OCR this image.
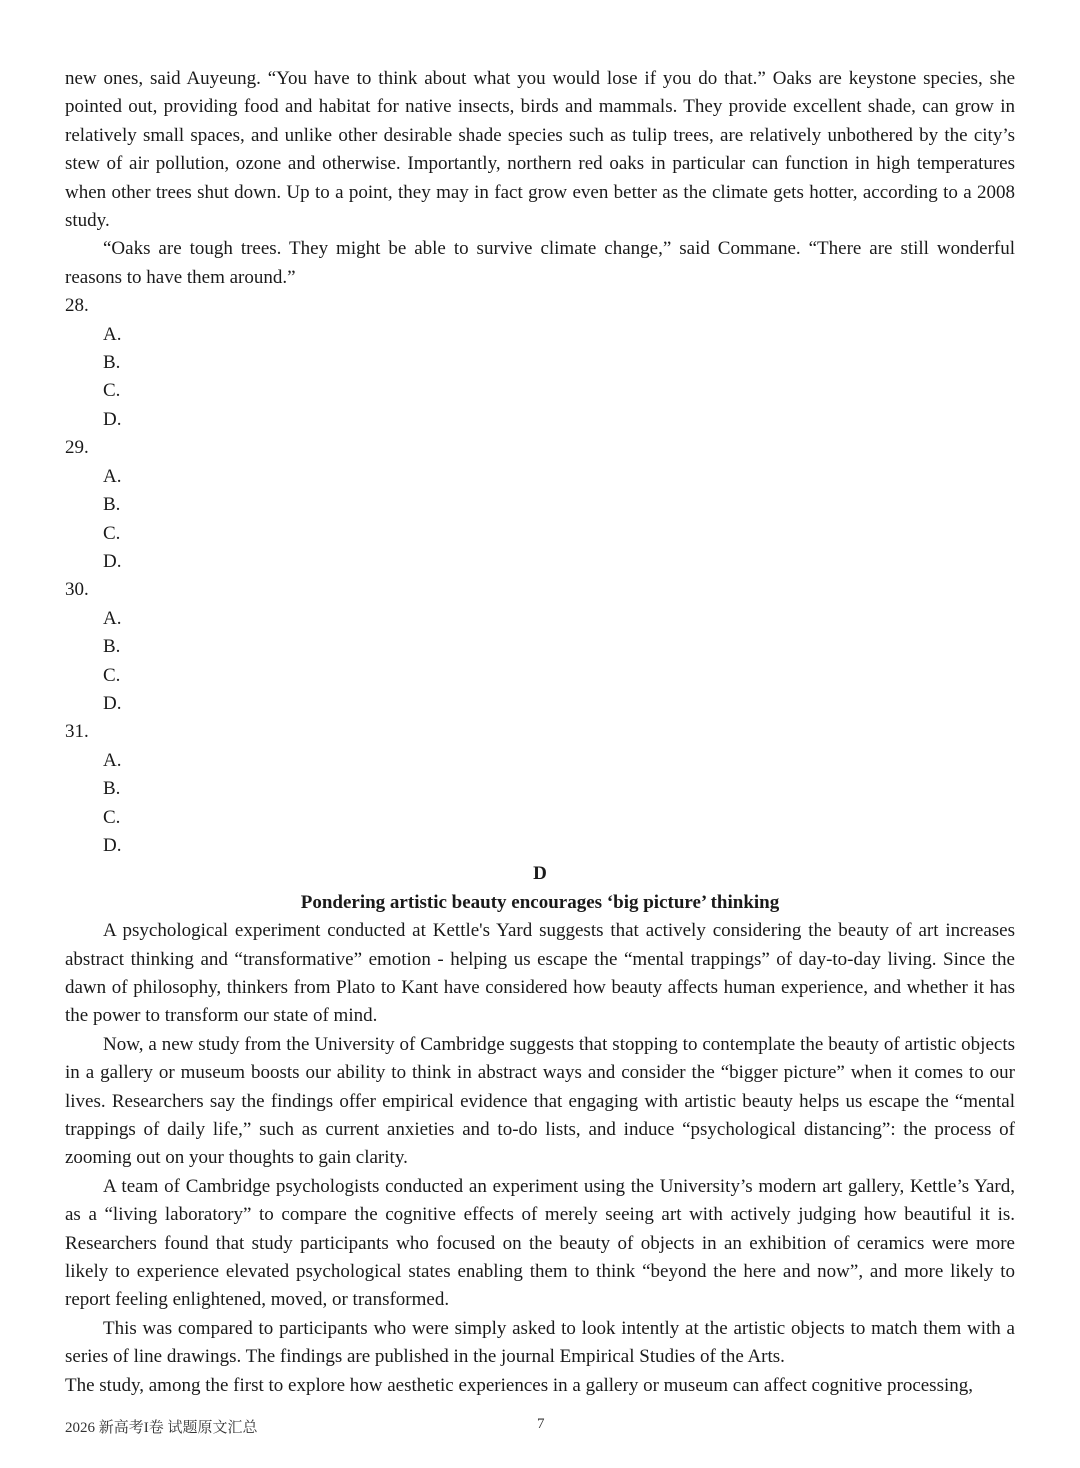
new ones, said Auyeung. “You have to think about what you would lose if you do that.” Oaks are keystone species, she pointed out, providing food and habitat for native insects, birds and mammals. They provide excellent shade, can grow in relatively small spaces, and unlike other desirable shade species such as tulip trees, are relatively unbothered by the city’s stew of air pollution, ozone and otherwise. Importantly, northern red oaks in particular can function in high temperatures when other trees shut down. Up to a point, they may in fact grow even better as the climate gets hotter, according to a 2008 study.

“Oaks are tough trees. They might be able to survive climate change,” said Commane. “There are still wonderful reasons to have them around.”

28.

A.

B.

C.

D.

29.

A.

B.

C.

D.

30.

A.

B.

C.

D.

31.

A.

B.

C.

D.

D

Pondering artistic beauty encourages ‘big picture’ thinking

A psychological experiment conducted at Kettle's Yard suggests that actively considering the beauty of art increases abstract thinking and “transformative” emotion - helping us escape the “mental trappings” of day-to-day living. Since the dawn of philosophy, thinkers from Plato to Kant have considered how beauty affects human experience, and whether it has the power to transform our state of mind.

Now, a new study from the University of Cambridge suggests that stopping to contemplate the beauty of artistic objects in a gallery or museum boosts our ability to think in abstract ways and consider the “bigger picture” when it comes to our lives. Researchers say the findings offer empirical evidence that engaging with artistic beauty helps us escape the “mental trappings of daily life,” such as current anxieties and to-do lists, and induce “psychological distancing”: the process of zooming out on your thoughts to gain clarity.

A team of Cambridge psychologists conducted an experiment using the University’s modern art gallery, Kettle’s Yard, as a “living laboratory” to compare the cognitive effects of merely seeing art with actively judging how beautiful it is. Researchers found that study participants who focused on the beauty of objects in an exhibition of ceramics were more likely to experience elevated psychological states enabling them to think “beyond the here and now”, and more likely to report feeling enlightened, moved, or transformed.

This was compared to participants who were simply asked to look intently at the artistic objects to match them with a series of line drawings. The findings are published in the journal Empirical Studies of the Arts.

The study, among the first to explore how aesthetic experiences in a gallery or museum can affect cognitive processing,

2026 新高考I卷 试题原文汇总	7
